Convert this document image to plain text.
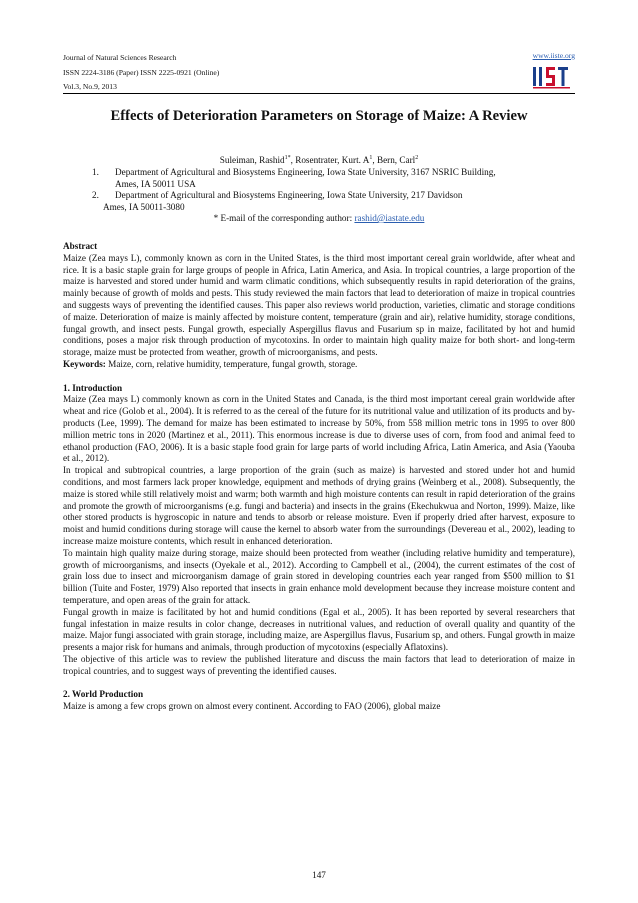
Journal of Natural Sciences Research
ISSN 2224-3186 (Paper) ISSN 2225-0921 (Online)
Vol.3, No.9, 2013
www.iiste.org
Effects of Deterioration Parameters on Storage of Maize: A Review
Suleiman, Rashid$^{1*}$, Rosentrater, Kurt. $A^1$, Bern, Carl$^2$
1. Department of Agricultural and Biosystems Engineering, Iowa State University, 3167 NSRIC Building,
Ames, IA 50011 USA
2. Department of Agricultural and Biosystems Engineering, Iowa State University, 217 Davidson
Ames, IA 50011-3080
* E-mail of the corresponding author: rashid@iastate.edu

Abstract

Maize (Zea mays L), commonly known as corn in the United States, is the third most important cereal grain worldwide, after wheat and rice. It is a basic staple grain for large groups of people in Africa, Latin America, and Asia. In tropical countries, a large proportion of the maize is harvested and stored under humid and warm climatic conditions, which subsequently results in rapid deterioration of the grains, mainly because of growth of molds and pests. This study reviewed the main factors that lead to deterioration of maize in tropical countries and suggests ways of preventing the identified causes. This paper also reviews world production, varieties, climatic and storage conditions of maize. Deterioration of maize is mainly affected by moisture content, temperature (grain and air), relative humidity, storage conditions, fungal growth, and insect pests. Fungal growth, especially Aspergillus flavus and Fusarium sp in maize, facilitated by hot and humid conditions, poses a major risk through production of mycotoxins. In order to maintain high quality maize for both short- and long-term storage, maize must be protected from weather, growth of microorganisms, and pests.

Keywords: Maize, corn, relative humidity, temperature, fungal growth, storage.

1. Introduction

Maize (Zea mays L) commonly known as corn in the United States and Canada, is the third most important cereal grain worldwide after wheat and rice (Golob et al., 2004). It is referred to as the cereal of the future for its nutritional value and utilization of its products and by-products (Lee, 1999). The demand for maize has been estimated to increase by 50%, from 558 million metric tons in 1995 to over 800 million metric tons in 2020 (Martinez et al., 2011). This enormous increase is due to diverse uses of corn, from food and animal feed to ethanol production (FAO, 2006). It is a basic staple food grain for large parts of world including Africa, Latin America, and Asia (Yaouba et al., 2012).

In tropical and subtropical countries, a large proportion of the grain (such as maize) is harvested and stored under hot and humid conditions, and most farmers lack proper knowledge, equipment and methods of drying grains (Weinberg et al., 2008). Subsequently, the maize is stored while still relatively moist and warm; both warmth and high moisture contents can result in rapid deterioration of the grains and promote the growth of microorganisms (e.g. fungi and bacteria) and insects in the grains (Ekechukwua and Norton, 1999). Maize, like other stored products is hygroscopic in nature and tends to absorb or release moisture. Even if properly dried after harvest, exposure to moist and humid conditions during storage will cause the kernel to absorb water from the surroundings (Devereau et al., 2002), leading to increase maize moisture contents, which result in enhanced deterioration.

To maintain high quality maize during storage, maize should been protected from weather (including relative humidity and temperature), growth of microorganisms, and insects (Oyekale et al., 2012). According to Campbell et al., (2004), the current estimates of the cost of grain loss due to insect and microorganism damage of grain stored in developing countries each year ranged from $500 million to $1 billion (Tuite and Foster, 1979) Also reported that insects in grain enhance mold development because they increase moisture content and temperature, and open areas of the grain for attack.

Fungal growth in maize is facilitated by hot and humid conditions (Egal et al., 2005). It has been reported by several researchers that fungal infestation in maize results in color change, decreases in nutritional values, and reduction of overall quality and quantity of the maize. Major fungi associated with grain storage, including maize, are Aspergillus flavus, Fusarium sp, and others. Fungal growth in maize presents a major risk for humans and animals, through production of mycotoxins (especially Aflatoxins).

The objective of this article was to review the published literature and discuss the main factors that lead to deterioration of maize in tropical countries, and to suggest ways of preventing the identified causes.

2. World Production

Maize is among a few crops grown on almost every continent. According to FAO (2006), global maize

147
